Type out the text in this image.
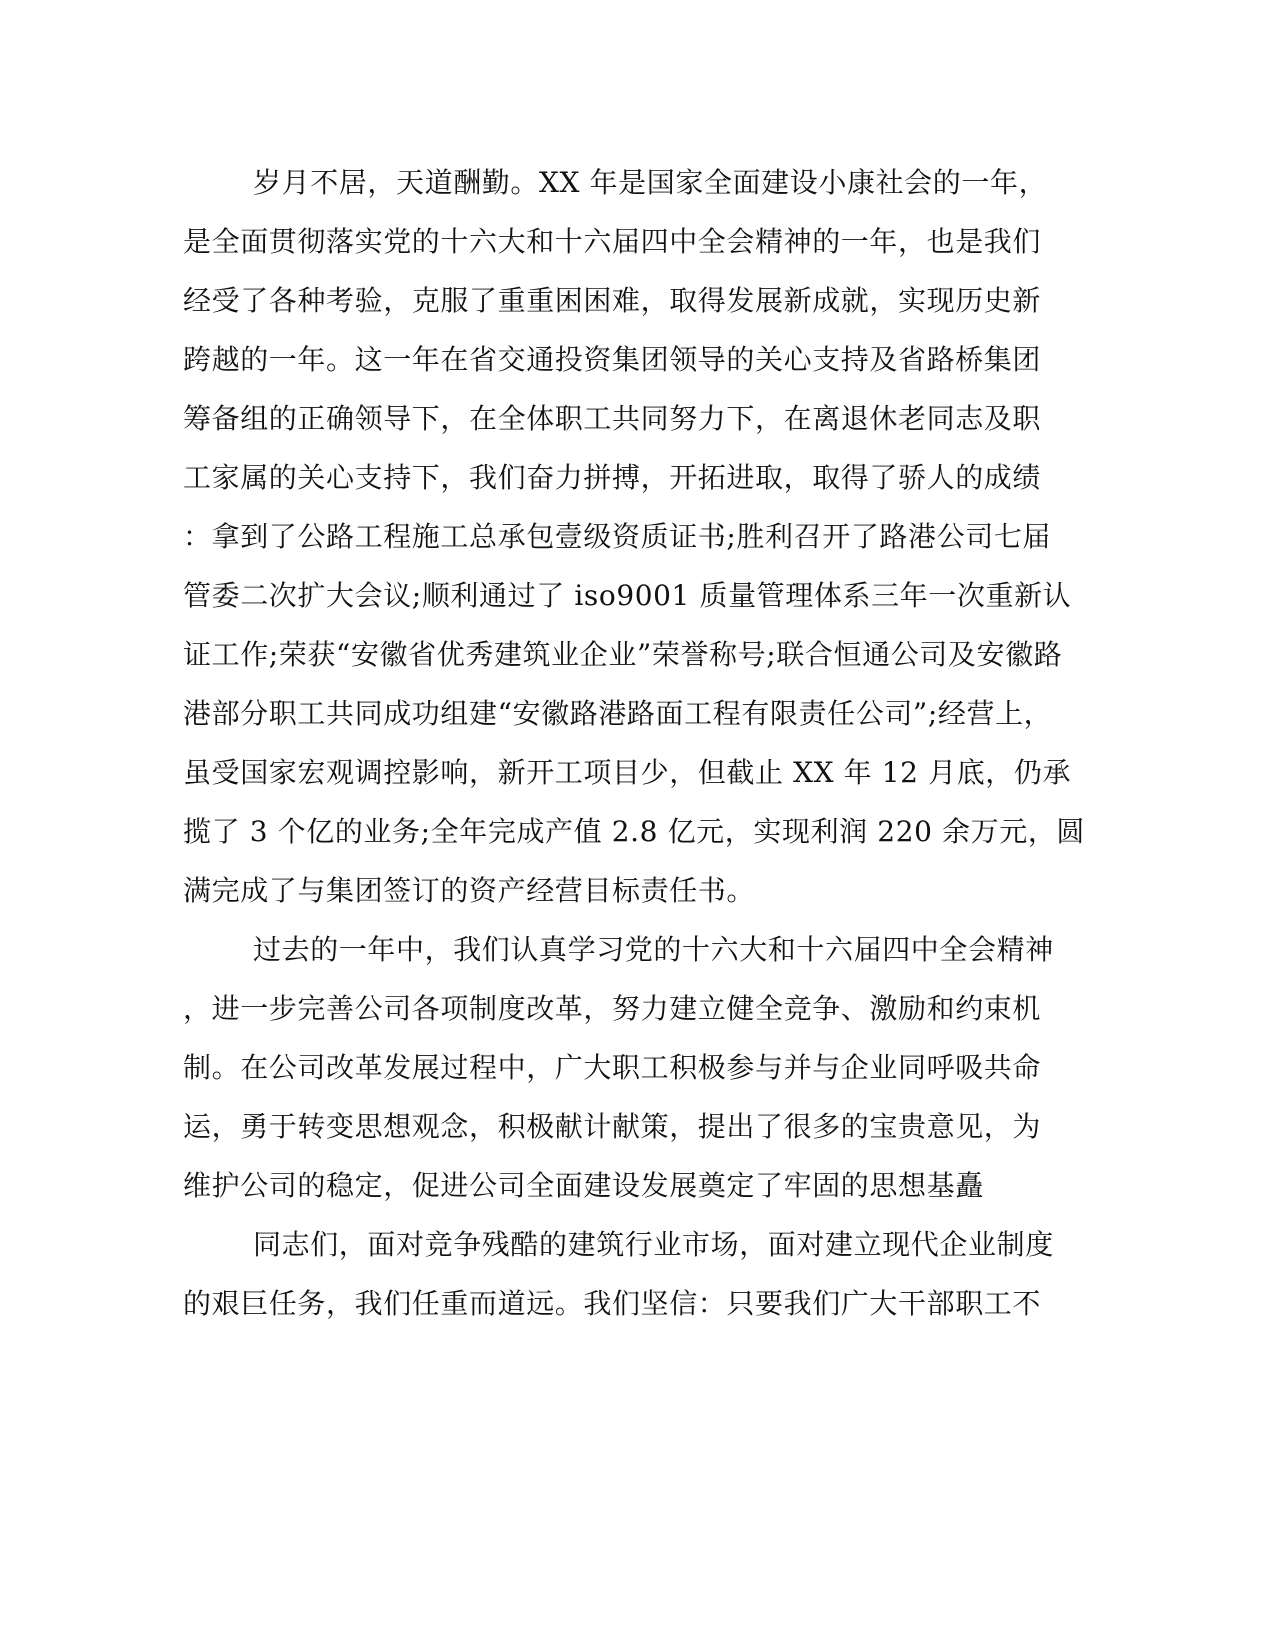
岁月不居，天道酬勤。XX 年是国家全面建设小康社会的一年，
是全面贯彻落实党的十六大和十六届四中全会精神的一年，也是我们
经受了各种考验，克服了重重困困难，取得发展新成就，实现历史新
跨越的一年。这一年在省交通投资集团领导的关心支持及省路桥集团
筹备组的正确领导下，在全体职工共同努力下，在离退休老同志及职
工家属的关心支持下，我们奋力拼搏，开拓进取，取得了骄人的成绩
：拿到了公路工程施工总承包壹级资质证书;胜利召开了路港公司七届
管委二次扩大会议;顺利通过了 iso9001 质量管理体系三年一次重新认
证工作;荣获“安徽省优秀建筑业企业”荣誉称号;联合恒通公司及安徽路
港部分职工共同成功组建“安徽路港路面工程有限责任公司”;经营上，
虽受国家宏观调控影响，新开工项目少，但截止 XX 年 12 月底，仍承
揽了 3 个亿的业务;全年完成产值 2.8 亿元，实现利润 220 余万元，圆
满完成了与集团签订的资产经营目标责任书。
过去的一年中，我们认真学习党的十六大和十六届四中全会精神
，进一步完善公司各项制度改革，努力建立健全竞争、激励和约束机
制。在公司改革发展过程中，广大职工积极参与并与企业同呼吸共命
运，勇于转变思想观念，积极献计献策，提出了很多的宝贵意见，为
维护公司的稳定，促进公司全面建设发展奠定了牢固的思想基矗
同志们，面对竞争残酷的建筑行业市场，面对建立现代企业制度
的艰巨任务，我们任重而道远。我们坚信：只要我们广大干部职工不
